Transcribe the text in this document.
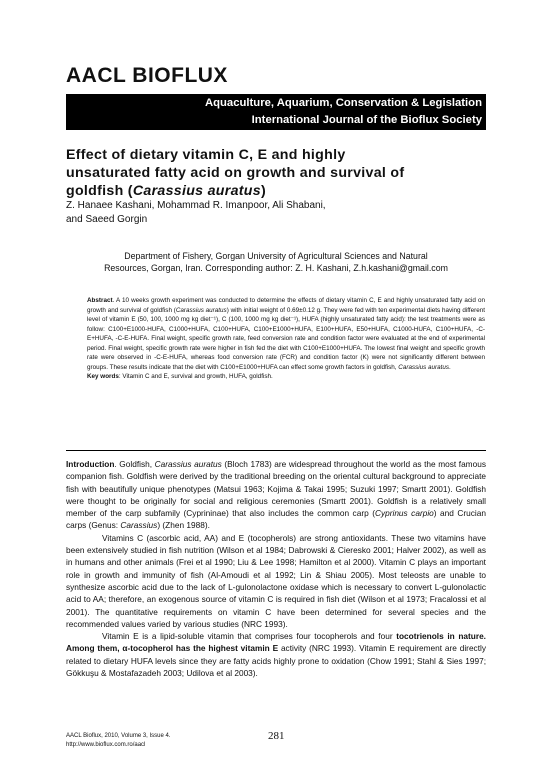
AACL BIOFLUX
Aquaculture, Aquarium, Conservation & Legislation
International Journal of the Bioflux Society
Effect of dietary vitamin C, E and highly
unsaturated fatty acid on growth and survival of
goldfish (Carassius auratus)
Z. Hanaee Kashani, Mohammad R. Imanpoor, Ali Shabani,
and Saeed Gorgin
Department of Fishery, Gorgan University of Agricultural Sciences and Natural
Resources, Gorgan, Iran. Corresponding author: Z. H. Kashani, Z.h.kashani@gmail.com
Abstract. A 10 weeks growth experiment was conducted to determine the effects of dietary vitamin C, E and highly unsaturated fatty acid on growth and survival of goldfish (Carassius auratus) with initial weight of 0.69±0.12 g. They were fed with ten experimental diets having different level of vitamin E (50, 100, 1000 mg kg diet⁻¹), C (100, 1000 mg kg diet⁻¹), HUFA (highly unsaturated fatty acid): the test treatments were as follow: C100+E1000-HUFA, C1000+HUFA, C100+HUFA, C100+E1000+HUFA, E100+HUFA, E50+HUFA, C1000-HUFA, C100+HUFA, -C-E+HUFA, -C-E-HUFA. Final weight, specific growth rate, feed conversion rate and condition factor were evaluated at the end of experimental period. Final weight, specific growth rate were higher in fish fed the diet with C100+E1000+HUFA. The lowest final weight and specific growth rate were observed in -C-E-HUFA, whereas food conversion rate (FCR) and condition factor (K) were not significantly different between groups. These results indicate that the diet with C100+E1000+HUFA can effect some growth factors in goldfish, Carassius auratus.
Key words: Vitamin C and E, survival and growth, HUFA, goldfish.

Introduction. Goldfish, Carassius auratus (Bloch 1783) are widespread throughout the world as the most famous companion fish. Goldfish were derived by the traditional breeding on the oriental cultural background to appreciate fish with beautifully unique phenotypes (Matsui 1963; Kojima & Takai 1995; Suzuki 1997; Smartt 2001). Goldfish were thought to be originally for social and religious ceremonies (Smartt 2001). Goldfish is a relatively small member of the carp subfamily (Cyprininae) that also includes the common carp (Cyprinus carpio) and Crucian carps (Genus: Carassius) (Zhen 1988).

Vitamins C (ascorbic acid, AA) and E (tocopherols) are strong antioxidants. These two vitamins have been extensively studied in fish nutrition (Wilson et al 1984; Dabrowski & Cieresko 2001; Halver 2002), as well as in humans and other animals (Frei et al 1990; Liu & Lee 1998; Hamilton et al 2000). Vitamin C plays an important role in growth and immunity of fish (Al-Amoudi et al 1992; Lin & Shiau 2005). Most teleosts are unable to synthesize ascorbic acid due to the lack of L-gulonolactone oxidase which is necessary to convert L-gulonolactic acid to AA; therefore, an exogenous source of vitamin C is required in fish diet (Wilson et al 1973; Fracalossi et al 2001). The quantitative requirements on vitamin C have been determined for several species and the recommended values varied by various studies (NRC 1993).

Vitamin E is a lipid-soluble vitamin that comprises four tocopherols and four tocotrienols in nature. Among them, α-tocopherol has the highest vitamin E activity (NRC 1993). Vitamin E requirement are directly related to dietary HUFA levels since they are fatty acids highly prone to oxidation (Chow 1991; Stahl & Sies 1997; Gökkuşu & Mostafazadeh 2003; Udilova et al 2003).

AACL Bioflux, 2010, Volume 3, Issue 4.
http://www.bioflux.com.ro/aacl
281
